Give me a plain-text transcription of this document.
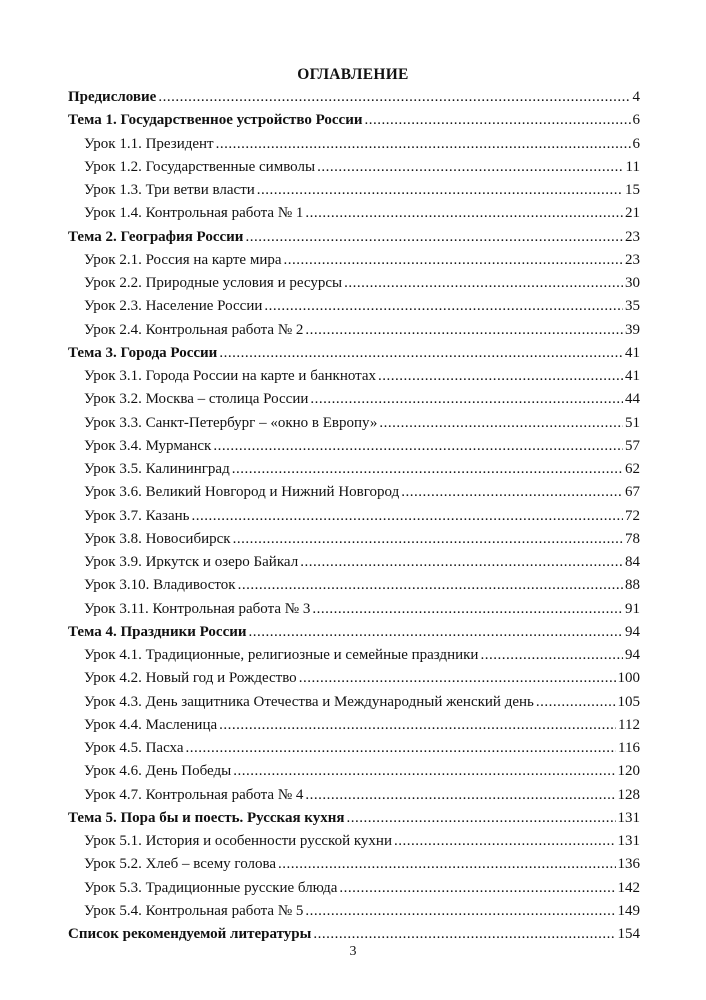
ОГЛАВЛЕНИЕ
Предисловие .....	4
Тема 1. Государственное устройство России .....	6
Урок 1.1. Президент .....	6
Урок 1.2. Государственные символы .....	11
Урок 1.3. Три ветви власти .....	15
Урок 1.4. Контрольная работа № 1 .....	21
Тема 2. География России .....	23
Урок 2.1. Россия на карте мира .....	23
Урок 2.2. Природные условия и ресурсы .....	30
Урок 2.3. Население России .....	35
Урок 2.4. Контрольная работа № 2 .....	39
Тема 3. Города России .....	41
Урок 3.1. Города России на карте и банкнотах .....	41
Урок 3.2. Москва – столица России .....	44
Урок 3.3. Санкт-Петербург – «окно в Европу» .....	51
Урок 3.4. Мурманск .....	57
Урок 3.5. Калининград .....	62
Урок 3.6. Великий Новгород и Нижний Новгород .....	67
Урок 3.7. Казань .....	72
Урок 3.8. Новосибирск .....	78
Урок 3.9. Иркутск и озеро Байкал .....	84
Урок 3.10. Владивосток .....	88
Урок 3.11. Контрольная работа № 3 .....	91
Тема 4. Праздники России .....	94
Урок 4.1. Традиционные, религиозные и семейные праздники .....	94
Урок 4.2. Новый год и Рождество .....	100
Урок 4.3. День защитника Отечества и Международный женский день .....	105
Урок 4.4. Масленица .....	112
Урок 4.5. Пасха .....	116
Урок 4.6. День Победы .....	120
Урок 4.7. Контрольная работа № 4 .....	128
Тема 5. Пора бы и поесть. Русская кухня .....	131
Урок 5.1. История и особенности русской кухни .....	131
Урок 5.2. Хлеб – всему голова .....	136
Урок 5.3. Традиционные русские блюда .....	142
Урок 5.4. Контрольная работа № 5 .....	149
Список рекомендуемой литературы .....	154

3
